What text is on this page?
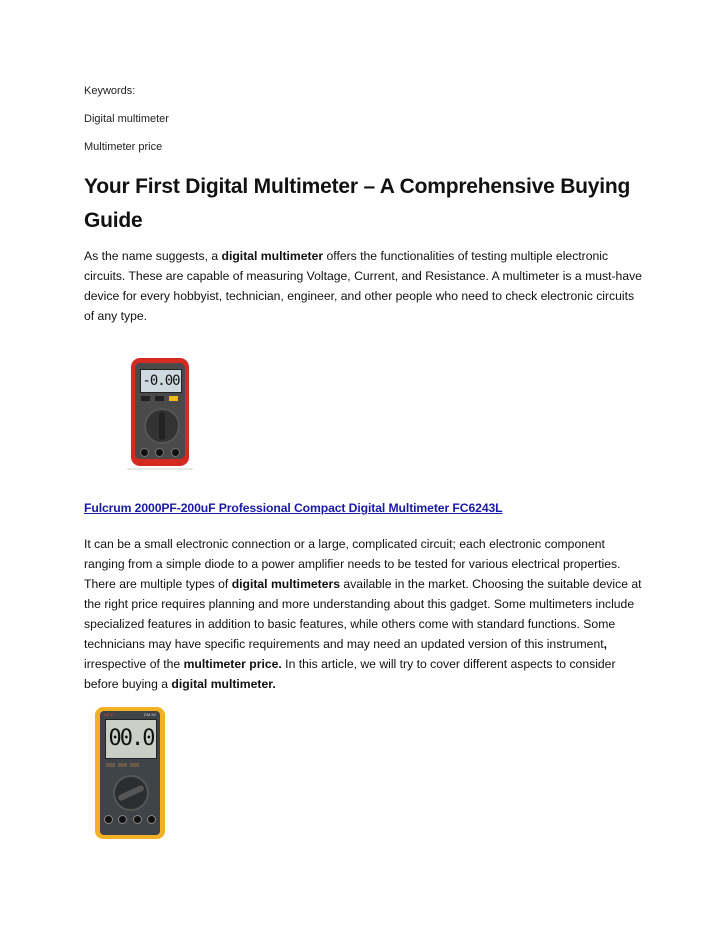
Keywords:
Digital multimeter
Multimeter price
Your First Digital Multimeter – A Comprehensive Buying Guide

As the name suggests, a digital multimeter offers the functionalities of testing multiple electronic circuits. These are capable of measuring Voltage, Current, and Resistance. A multimeter is a must-have device for every hobbyist, technician, engineer, and other people who need to check electronic circuits of any type.

-0.00
Fulcrum 2000PF-200uF Professional Compact Digital Multimeter FC6243L

It can be a small electronic connection or a large, complicated circuit; each electronic component ranging from a simple diode to a power amplifier needs to be tested for various electrical properties. There are multiple types of digital multimeters available in the market. Choosing the suitable device at the right price requires planning and more understanding about this gadget. Some multimeters include specialized features in addition to basic features, while others come with standard functions. Some technicians may have specific requirements and may need an updated version of this instrument, irrespective of the multimeter price. In this article, we will try to cover different aspects to consider before buying a digital multimeter.

BEST	DM-92
00.0
